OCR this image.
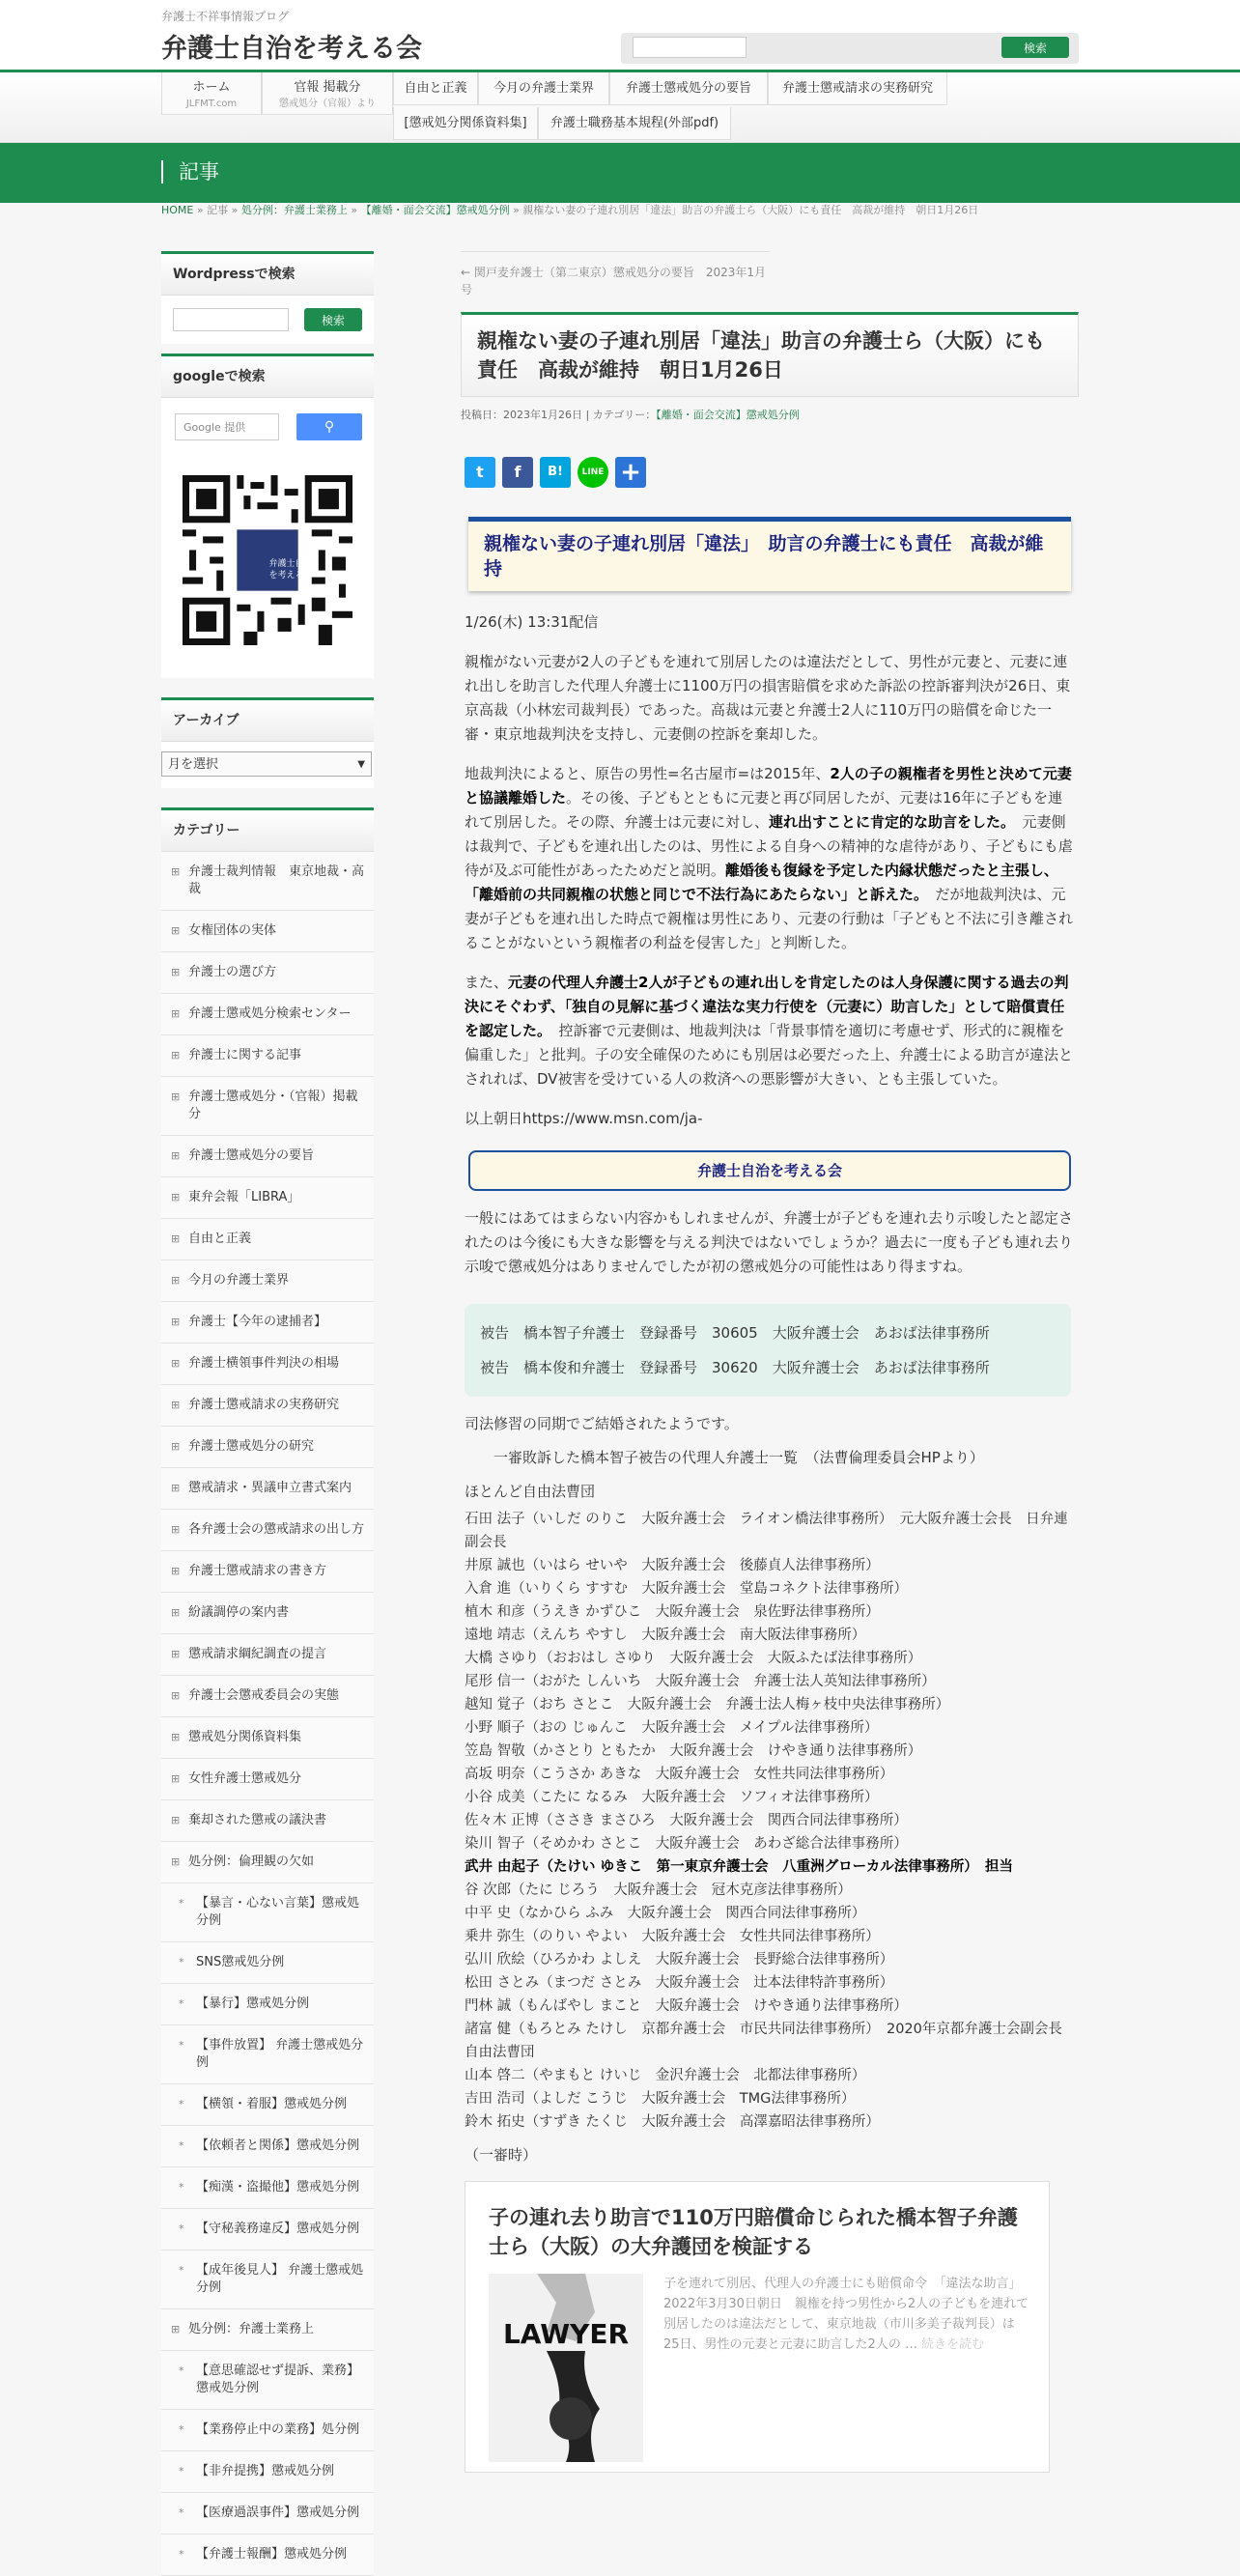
弁護士不祥事情報ブログ
弁護士自治を考える会	検索
ホーム
JLFMT.com
官報 掲載分
懲戒処分（官報）より
自由と正義	今月の弁護士業界	弁護士懲戒処分の要旨	弁護士懲戒請求の実務研究
[懲戒処分関係資料集]	弁護士職務基本規程(外部pdf)
記事
HOME » 記事 » 処分例：弁護士業務上 » 【離婚・面会交流】懲戒処分例 » 親権ない妻の子連れ別居「違法」助言の弁護士ら（大阪）にも責任　高裁が維持　朝日1月26日
Wordpressで検索
検索
googleで検索
Google 提供	⚲
弁護士自治を考える会
アーカイブ
月を選択	▼
カテゴリー
⊞ 弁護士裁判情報　東京地裁・高裁
⊞ 女権団体の実体
⊞ 弁護士の選び方
⊞ 弁護士懲戒処分検索センター
⊞ 弁護士に関する記事
⊞ 弁護士懲戒処分・（官報）掲載分
⊞ 弁護士懲戒処分の要旨
⊞ 東弁会報「LIBRA」
⊞ 自由と正義
⊞ 今月の弁護士業界
⊞ 弁護士【今年の逮捕者】
⊞ 弁護士横領事件判決の相場
⊞ 弁護士懲戒請求の実務研究
⊞ 弁護士懲戒処分の研究
⊞ 懲戒請求・異議申立書式案内
⊞ 各弁護士会の懲戒請求の出し方
⊞ 弁護士懲戒請求の書き方
⊞ 紛議調停の案内書
⊞ 懲戒請求綱紀調査の提言
⊞ 弁護士会懲戒委員会の実態
⊞ 懲戒処分関係資料集
⊞ 女性弁護士懲戒処分
⊞ 棄却された懲戒の議決書
⊞ 処分例：倫理観の欠如
* 【暴言・心ない言葉】懲戒処分例
* SNS懲戒処分例
* 【暴行】懲戒処分例
* 【事件放置】 弁護士懲戒処分例
* 【横領・着服】懲戒処分例
* 【依頼者と関係】懲戒処分例
* 【痴漢・盗撮他】懲戒処分例
* 【守秘義務違反】懲戒処分例
* 【成年後見人】 弁護士懲戒処分例
⊞ 処分例：弁護士業務上
* 【意思確認せず提訴、業務】懲戒処分例
* 【業務停止中の業務】処分例
* 【非弁提携】懲戒処分例
* 【医療過誤事件】懲戒処分例
* 【弁護士報酬】懲戒処分例
← 関戸麦弁護士（第二東京）懲戒処分の要旨　2023年1月号
親権ない妻の子連れ別居「違法」助言の弁護士ら（大阪）にも責任　高裁が維持　朝日1月26日
投稿日：2023年1月26日 | カテゴリー：【離婚・面会交流】懲戒処分例
t	f	B!	LINE +
親権ない妻の子連れ別居「違法」　助言の弁護士にも責任　高裁が維持
1/26(木) 13:31配信
親権がない元妻が2人の子どもを連れて別居したのは違法だとして、男性が元妻と、元妻に連れ出しを助言した代理人弁護士に1100万円の損害賠償を求めた訴訟の控訴審判決が26日、東京高裁（小林宏司裁判長）であった。高裁は元妻と弁護士2人に110万円の賠償を命じた一審・東京地裁判決を支持し、元妻側の控訴を棄却した。
地裁判決によると、原告の男性=名古屋市=は2015年、2人の子の親権者を男性と決めて元妻と協議離婚した。その後、子どもとともに元妻と再び同居したが、元妻は16年に子どもを連れて別居した。その際、弁護士は元妻に対し、連れ出すことに肯定的な助言をした。　元妻側は裁判で、子どもを連れ出したのは、男性による自身への精神的な虐待があり、子どもにも虐待が及ぶ可能性があったためだと説明。離婚後も復縁を予定した内縁状態だったと主張し、「離婚前の共同親権の状態と同じで不法行為にあたらない」と訴えた。　だが地裁判決は、元妻が子どもを連れ出した時点で親権は男性にあり、元妻の行動は「子どもと不法に引き離されることがないという親権者の利益を侵害した」と判断した。
また、元妻の代理人弁護士2人が子どもの連れ出しを肯定したのは人身保護に関する過去の判決にそぐわず、「独自の見解に基づく違法な実力行使を（元妻に）助言した」として賠償責任を認定した。　控訴審で元妻側は、地裁判決は「背景事情を適切に考慮せず、形式的に親権を偏重した」と批判。子の安全確保のためにも別居は必要だった上、弁護士による助言が違法とされれば、DV被害を受けている人の救済への悪影響が大きい、とも主張していた。
以上朝日https://www.msn.com/ja-
弁護士自治を考える会
一般にはあてはまらない内容かもしれませんが、弁護士が子どもを連れ去り示唆したと認定されたのは今後にも大きな影響を与える判決ではないでしょうか？過去に一度も子ども連れ去り示唆で懲戒処分はありませんでしたが初の懲戒処分の可能性はあり得ますね。
被告　橋本智子弁護士　登録番号　30605　大阪弁護士会　あおば法律事務所
被告　橋本俊和弁護士　登録番号　30620　大阪弁護士会　あおば法律事務所
司法修習の同期でご結婚されたようです。
　　一審敗訴した橋本智子被告の代理人弁護士一覧　（法曹倫理委員会HPより）
ほとんど自由法曹団
石田 法子（いしだ のりこ　大阪弁護士会　ライオン橋法律事務所）　元大阪弁護士会長　日弁連副会長
井原 誠也（いはら せいや　大阪弁護士会　後藤貞人法律事務所）
入倉 進（いりくら すすむ　大阪弁護士会　堂島コネクト法律事務所）
植木 和彦（うえき かずひこ　大阪弁護士会　泉佐野法律事務所）
遠地 靖志（えんち やすし　大阪弁護士会　南大阪法律事務所）
大橋 さゆり（おおはし さゆり　大阪弁護士会　大阪ふたば法律事務所）
尾形 信一（おがた しんいち　大阪弁護士会　弁護士法人英知法律事務所）
越知 覚子（おち さとこ　大阪弁護士会　弁護士法人梅ヶ枝中央法律事務所）
小野 順子（おの じゅんこ　大阪弁護士会　メイプル法律事務所）
笠島 智敬（かさとり ともたか　大阪弁護士会　けやき通り法律事務所）
高坂 明奈（こうさか あきな　大阪弁護士会　女性共同法律事務所）
小谷 成美（こたに なるみ　大阪弁護士会　ソフィオ法律事務所）
佐々木 正博（ささき まさひろ　大阪弁護士会　関西合同法律事務所）
染川 智子（そめかわ さとこ　大阪弁護士会　あわざ総合法律事務所）
武井 由起子（たけい ゆきこ　第一東京弁護士会　八重洲グローカル法律事務所）　担当
谷 次郎（たに じろう　大阪弁護士会　冠木克彦法律事務所）
中平 史（なかひら ふみ　大阪弁護士会　関西合同法律事務所）
乗井 弥生（のりい やよい　大阪弁護士会　女性共同法律事務所）
弘川 欣絵（ひろかわ よしえ　大阪弁護士会　長野総合法律事務所）
松田 さとみ（まつだ さとみ　大阪弁護士会　辻本法律特許事務所）
門林 誠（もんばやし まこと　大阪弁護士会　けやき通り法律事務所）
諸富 健（もろとみ たけし　京都弁護士会　市民共同法律事務所）　2020年京都弁護士会副会長　自由法曹団
山本 啓二（やまもと けいじ　金沢弁護士会　北都法律事務所）
吉田 浩司（よしだ こうじ　大阪弁護士会　TMG法律事務所）
鈴木 拓史（すずき たくじ　大阪弁護士会　高澤嘉昭法律事務所）
（一審時）
子の連れ去り助言で110万円賠償命じられた橋本智子弁護士ら（大阪）の大弁護団を検証する
LAWYER
子を連れて別居、代理人の弁護士にも賠償命令　「違法な助言」2022年3月30日朝日　親権を持つ男性から2人の子どもを連れて別居したのは違法だとして、東京地裁（市川多美子裁判長）は25日、男性の元妻と元妻に助言した2人の … 続きを読む
